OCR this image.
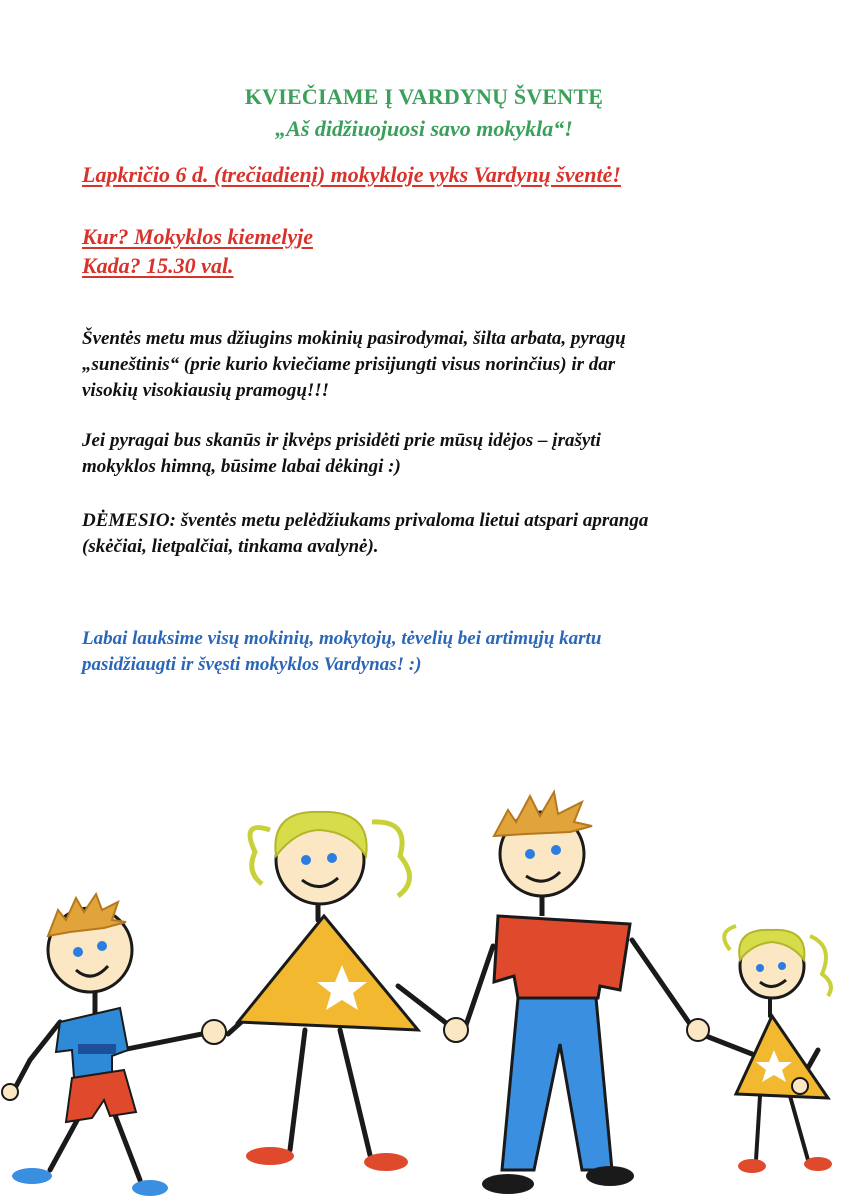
KVIEČIAME Į VARDYNŲ ŠVENTĘ
„Aš didžiuojuosi savo mokykla“!
Lapkričio 6 d. (trečiadienį) mokykloje vyks Vardynų šventė!
Kur? Mokyklos kiemelyje
Kada? 15.30 val.

Šventės metu mus džiugins mokinių pasirodymai, šilta arbata, pyragų
„suneštinis“ (prie kurio kviečiame prisijungti visus norinčius) ir dar
visokių visokiausių pramogų!!!

Jei pyragai bus skanūs ir įkvėps prisidėti prie mūsų idėjos – įrašyti
mokyklos himną, būsime labai dėkingi :)

DĖMESIO: šventės metu pelėdžiukams privaloma lietui atspari apranga
(skėčiai, lietpalčiai, tinkama avalynė).

Labai lauksime visų mokinių, mokytojų, tėvelių bei artimųjų kartu
pasidžiaugti ir švęsti mokyklos Vardynas! :)
